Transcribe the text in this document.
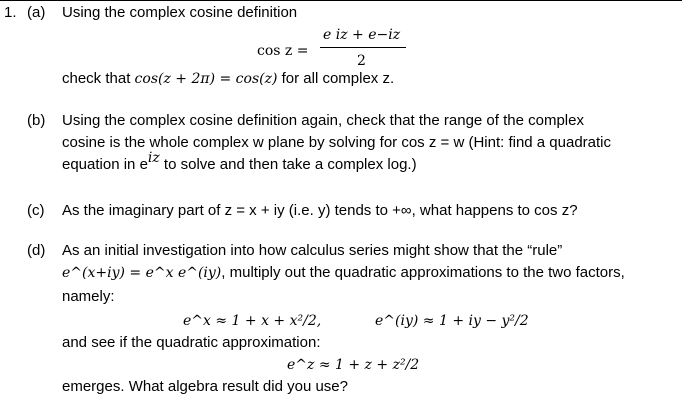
1. (a) Using the complex cosine definition
cos z =
e iz + e−iz
2
check that cos(z + 2π) = cos(z) for all complex z.
(b) Using the complex cosine definition again, check that the range of the complex
cosine is the whole complex w plane by solving for cos z = w (Hint: find a quadratic
equation in $e^{iz}$ to solve and then take a complex log.)
(c) As the imaginary part of z = x + iy (i.e. y) tends to +∞, what happens to cos z?
(d) As an initial investigation into how calculus series might show that the “rule”
e^(x+iy) = e^x e^(iy), multiply out the quadratic approximations to the two factors,
namely:
e^x ≈ 1 + x + x²/2,	e^(iy) ≈ 1 + iy − y²/2
and see if the quadratic approximation:
e^z ≈ 1 + z + z²/2
emerges. What algebra result did you use?
